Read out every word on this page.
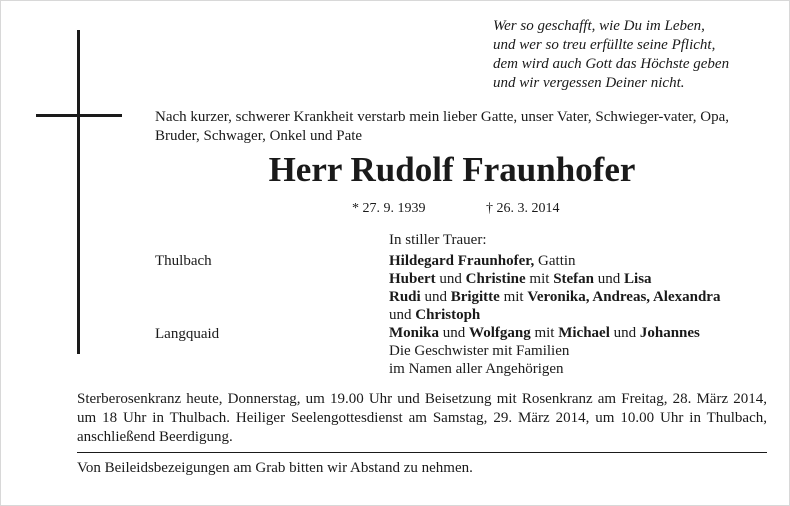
Wer so geschafft, wie Du im Leben,
und wer so treu erfüllte seine Pflicht,
dem wird auch Gott das Höchste geben
und wir vergessen Deiner nicht.
Nach kurzer, schwerer Krankheit verstarb mein lieber Gatte, unser Vater, Schwieger-vater, Opa, Bruder, Schwager, Onkel und Pate
Herr Rudolf Fraunhofer
* 27. 9. 1939	† 26. 3. 2014
In stiller Trauer:
Thulbach
Langquaid
Hildegard Fraunhofer, Gattin
Hubert und Christine mit Stefan und Lisa
Rudi und Brigitte mit Veronika, Andreas, Alexandra
und Christoph
Monika und Wolfgang mit Michael und Johannes
Die Geschwister mit Familien
im Namen aller Angehörigen
Sterberosenkranz heute, Donnerstag, um 19.00 Uhr und Beisetzung mit Rosenkranz am Freitag, 28. März 2014, um 18 Uhr in Thulbach. Heiliger Seelengottesdienst am Samstag, 29. März 2014, um 10.00 Uhr in Thulbach, anschließend Beerdigung.
Von Beileidsbezeigungen am Grab bitten wir Abstand zu nehmen.
